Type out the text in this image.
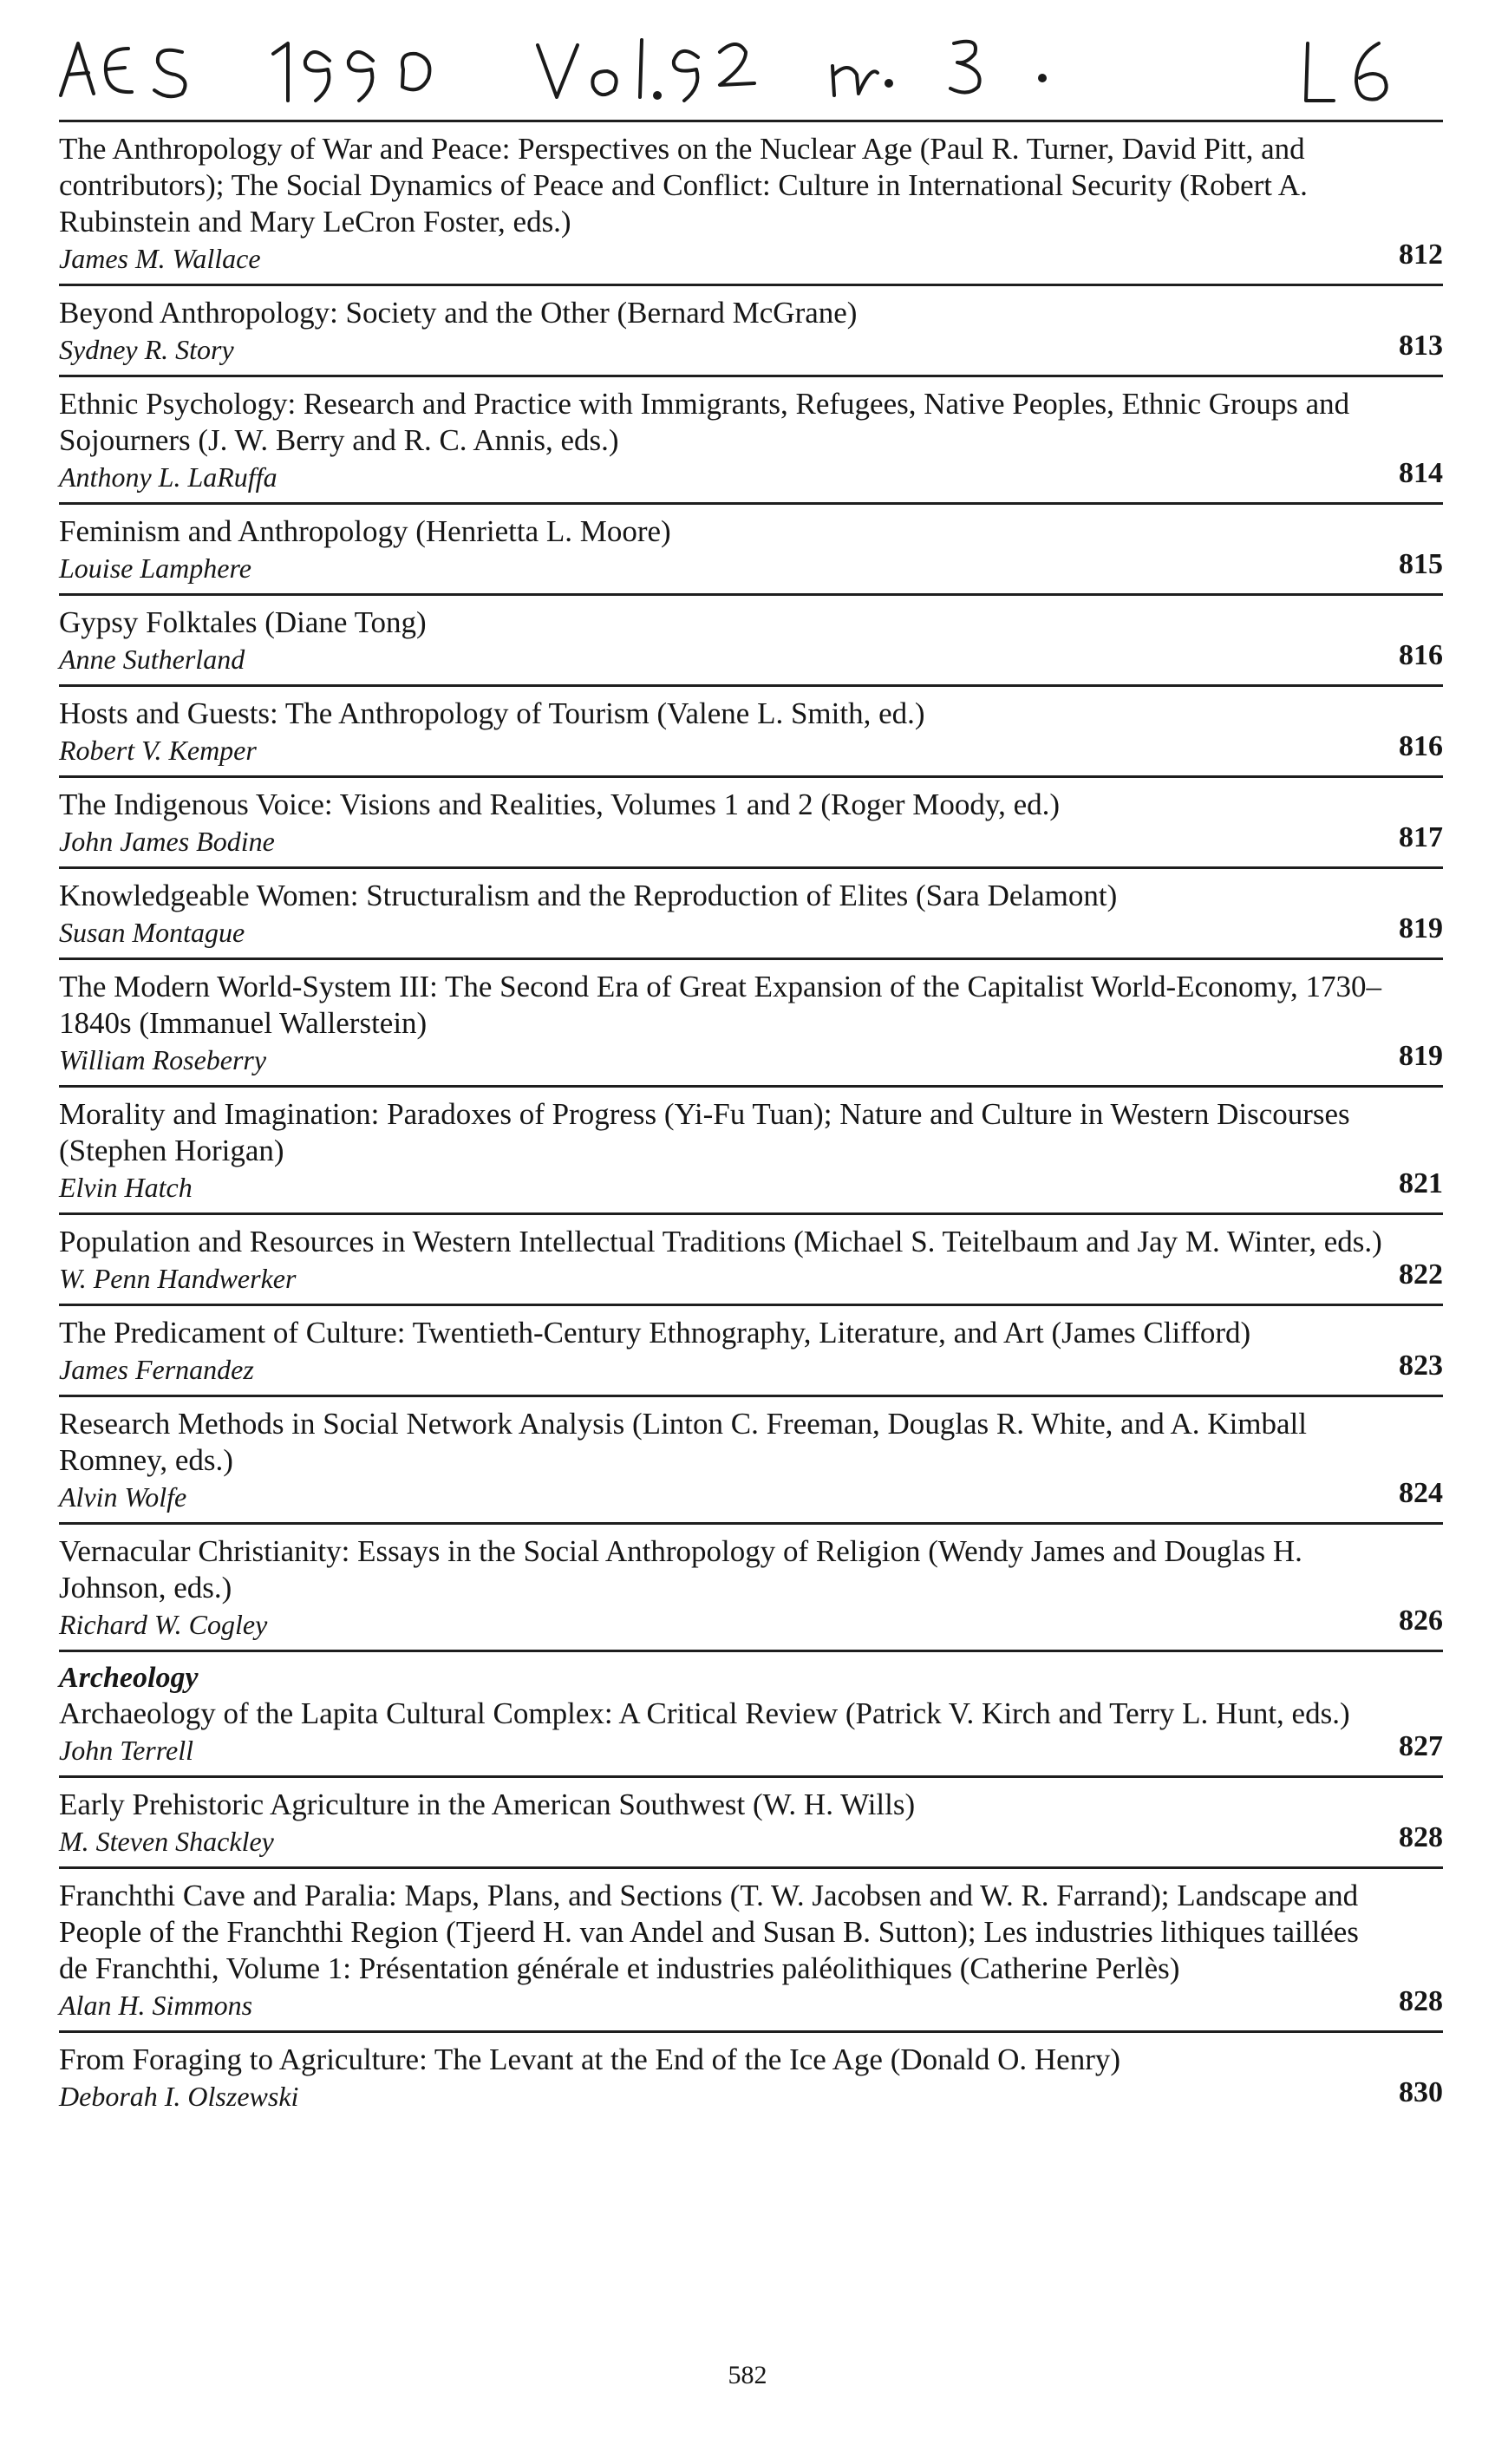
The Anthropology of War and Peace: Perspectives on the Nuclear Age (Paul R. Turner, David Pitt, and contributors); The Social Dynamics of Peace and Conflict: Culture in International Security (Robert A. Rubinstein and Mary LeCron Foster, eds.)
James M. Wallace	812
Beyond Anthropology: Society and the Other (Bernard McGrane)
Sydney R. Story	813
Ethnic Psychology: Research and Practice with Immigrants, Refugees, Native Peoples, Ethnic Groups and Sojourners (J. W. Berry and R. C. Annis, eds.)
Anthony L. LaRuffa	814
Feminism and Anthropology (Henrietta L. Moore)
Louise Lamphere	815
Gypsy Folktales (Diane Tong)
Anne Sutherland	816
Hosts and Guests: The Anthropology of Tourism (Valene L. Smith, ed.)
Robert V. Kemper	816
The Indigenous Voice: Visions and Realities, Volumes 1 and 2 (Roger Moody, ed.)
John James Bodine	817
Knowledgeable Women: Structuralism and the Reproduction of Elites (Sara Delamont)
Susan Montague	819
The Modern World-System III: The Second Era of Great Expansion of the Capitalist World-Economy, 1730–1840s (Immanuel Wallerstein)
William Roseberry	819
Morality and Imagination: Paradoxes of Progress (Yi-Fu Tuan); Nature and Culture in Western Discourses (Stephen Horigan)
Elvin Hatch	821
Population and Resources in Western Intellectual Traditions (Michael S. Teitelbaum and Jay M. Winter, eds.)
W. Penn Handwerker	822
The Predicament of Culture: Twentieth-Century Ethnography, Literature, and Art (James Clifford)
James Fernandez	823
Research Methods in Social Network Analysis (Linton C. Freeman, Douglas R. White, and A. Kimball Romney, eds.)
Alvin Wolfe	824
Vernacular Christianity: Essays in the Social Anthropology of Religion (Wendy James and Douglas H. Johnson, eds.)
Richard W. Cogley	826
Archeology
Archaeology of the Lapita Cultural Complex: A Critical Review (Patrick V. Kirch and Terry L. Hunt, eds.)
John Terrell	827
Early Prehistoric Agriculture in the American Southwest (W. H. Wills)
M. Steven Shackley	828
Franchthi Cave and Paralia: Maps, Plans, and Sections (T. W. Jacobsen and W. R. Farrand); Landscape and People of the Franchthi Region (Tjeerd H. van Andel and Susan B. Sutton); Les industries lithiques taillées de Franchthi, Volume 1: Présentation générale et industries paléolithiques (Catherine Perlès)
Alan H. Simmons	828
From Foraging to Agriculture: The Levant at the End of the Ice Age (Donald O. Henry)
Deborah I. Olszewski	830
582
